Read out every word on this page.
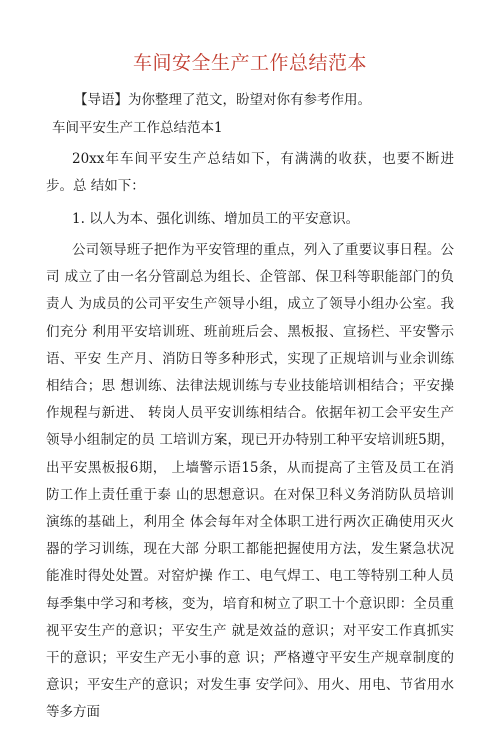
车间安全生产工作总结范本
【导语】为你整理了范文，盼望对你有参考作用。
车间平安生产工作总结范本1
20xx年车间平安生产总结如下，有满满的收获，也要不断进步。总 结如下：
1. 以人为本、强化训练、增加员工的平安意识。
公司领导班子把作为平安管理的重点，列入了重要议事日程。公司 成立了由一名分管副总为组长、企管部、保卫科等职能部门的负责人 为成员的公司平安生产领导小组，成立了领导小组办公室。我们充分 利用平安培训班、班前班后会、黑板报、宣扬栏、平安警示语、平安 生产月、消防日等多种形式，实现了正规培训与业余训练相结合；思 想训练、法律法规训练与专业技能培训相结合；平安操作规程与新进、 转岗人员平安训练相结合。依据年初工会平安生产领导小组制定的员 工培训方案，现已开办特别工种平安培训班5期，出平安黑板报6期， 上墙警示语15条，从而提高了主管及员工在消防工作上责任重于泰 山的思想意识。在对保卫科义务消防队员培训演练的基础上，利用全 体会每年对全体职工进行两次正确使用灭火器的学习训练，现在大部 分职工都能把握使用方法，发生紧急状况能准时得处处置。对窑炉操 作工、电气焊工、电工等特别工种人员每季集中学习和考核，变为，培育和树立了职工十个意识即：全员重视平安生产的意识；平安生产 就是效益的意识；对平安工作真抓实干的意识；平安生产无小事的意 识；严格遵守平安生产规章制度的意识；平安生产的意识；对发生事 安学问》、用火、用电、节省用水等多方面
